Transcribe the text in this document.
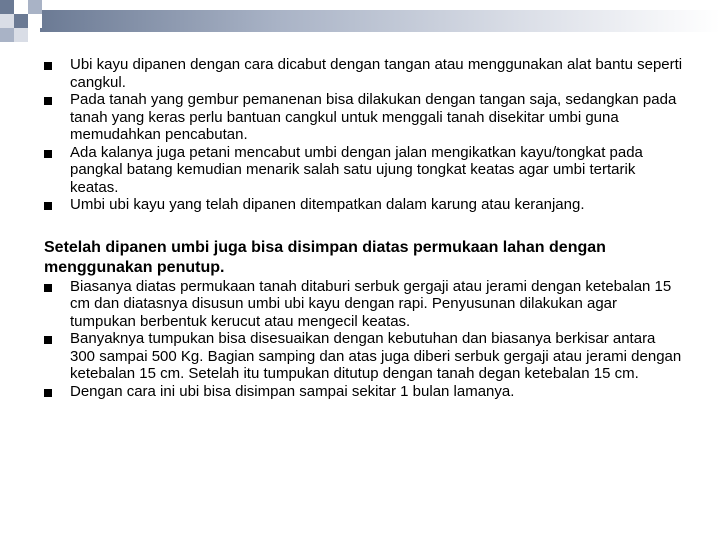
Ubi kayu dipanen dengan cara dicabut dengan tangan atau menggunakan alat bantu seperti cangkul.
Pada tanah yang gembur pemanenan bisa dilakukan dengan tangan saja, sedangkan pada tanah yang keras perlu bantuan cangkul untuk menggali tanah disekitar umbi guna memudahkan pencabutan.
Ada kalanya juga petani mencabut umbi dengan jalan mengikatkan kayu/tongkat pada pangkal batang kemudian menarik salah satu ujung tongkat keatas agar umbi tertarik keatas.
Umbi ubi kayu yang telah dipanen ditempatkan dalam karung atau keranjang.
Setelah dipanen umbi juga bisa disimpan diatas permukaan lahan dengan menggunakan penutup.
Biasanya diatas permukaan tanah ditaburi serbuk gergaji atau jerami dengan ketebalan 15 cm dan diatasnya disusun umbi ubi kayu dengan rapi. Penyusunan dilakukan agar tumpukan berbentuk kerucut atau mengecil keatas.
Banyaknya tumpukan bisa disesuaikan dengan kebutuhan dan biasanya berkisar antara 300 sampai 500 Kg. Bagian samping dan atas juga diberi serbuk gergaji atau jerami dengan ketebalan 15 cm. Setelah itu tumpukan ditutup dengan tanah degan ketebalan 15 cm.
Dengan cara ini ubi bisa disimpan sampai sekitar 1 bulan lamanya.
